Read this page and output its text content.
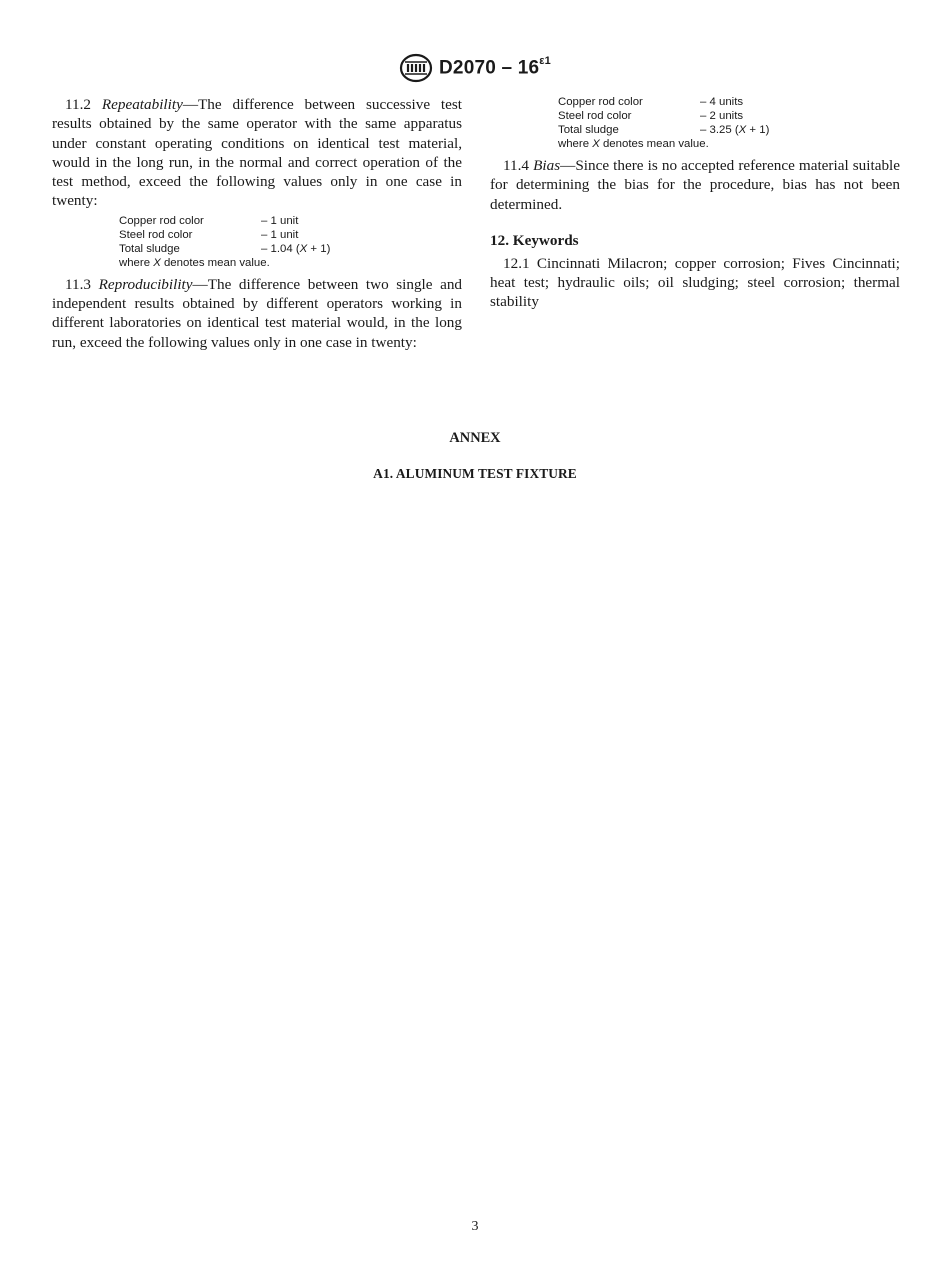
$D2070 - 16^{\varepsilon 1}$

11.2 Repeatability—The difference between successive test results obtained by the same operator with the same apparatus under constant operating conditions on identical test material, would in the long run, in the normal and correct operation of the test method, exceed the following values only in one case in twenty:

Copper rod color	– 1 unit
Steel rod color	– 1 unit
Total sludge	– 1.04 (X + 1)
where X denotes mean value.

11.3 Reproducibility—The difference between two single and independent results obtained by different operators working in different laboratories on identical test material would, in the long run, exceed the following values only in one case in twenty:

Copper rod color	– 4 units
Steel rod color	– 2 units
Total sludge	– 3.25 (X + 1)
where X denotes mean value.

11.4 Bias—Since there is no accepted reference material suitable for determining the bias for the procedure, bias has not been determined.

12. Keywords

12.1 Cincinnati Milacron; copper corrosion; Fives Cincinnati; heat test; hydraulic oils; oil sludging; steel corrosion; thermal stability

ANNEX
A1. ALUMINUM TEST FIXTURE
3
